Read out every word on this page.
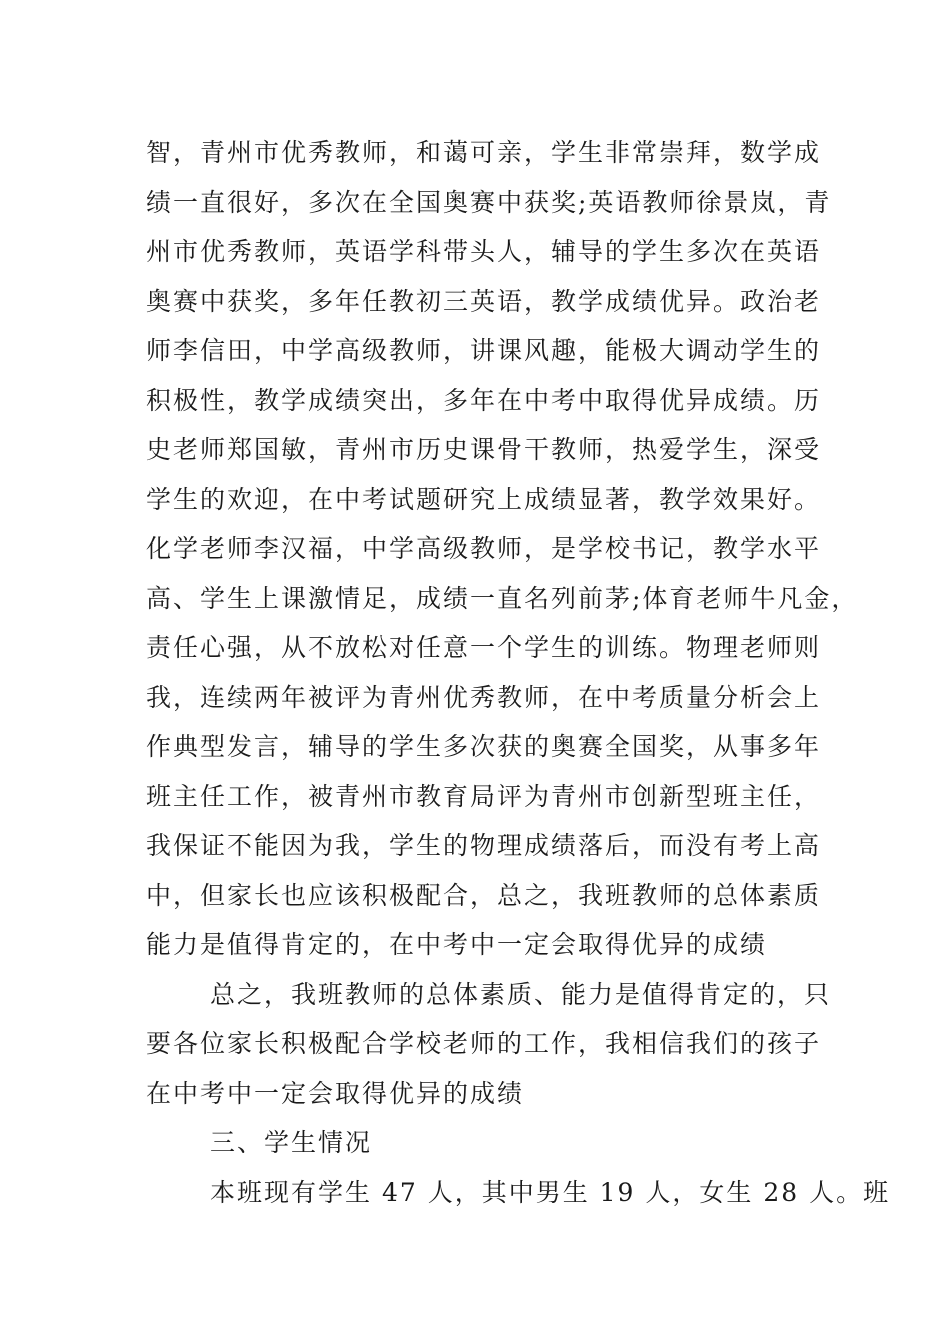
智，青州市优秀教师，和蔼可亲，学生非常崇拜，数学成
绩一直很好，多次在全国奥赛中获奖;英语教师徐景岚，青
州市优秀教师，英语学科带头人，辅导的学生多次在英语
奥赛中获奖，多年任教初三英语，教学成绩优异。政治老
师李信田，中学高级教师，讲课风趣，能极大调动学生的
积极性，教学成绩突出，多年在中考中取得优异成绩。历
史老师郑国敏，青州市历史课骨干教师，热爱学生，深受
学生的欢迎，在中考试题研究上成绩显著，教学效果好。
化学老师李汉福，中学高级教师，是学校书记，教学水平
高、学生上课激情足，成绩一直名列前茅;体育老师牛凡金，
责任心强，从不放松对任意一个学生的训练。物理老师则
我，连续两年被评为青州优秀教师，在中考质量分析会上
作典型发言，辅导的学生多次获的奥赛全国奖，从事多年
班主任工作，被青州市教育局评为青州市创新型班主任，
我保证不能因为我，学生的物理成绩落后，而没有考上高
中，但家长也应该积极配合，总之，我班教师的总体素质
能力是值得肯定的，在中考中一定会取得优异的成绩
总之，我班教师的总体素质、能力是值得肯定的，只
要各位家长积极配合学校老师的工作，我相信我们的孩子
在中考中一定会取得优异的成绩
三、学生情况
本班现有学生 47 人，其中男生 19 人，女生 28 人。班
